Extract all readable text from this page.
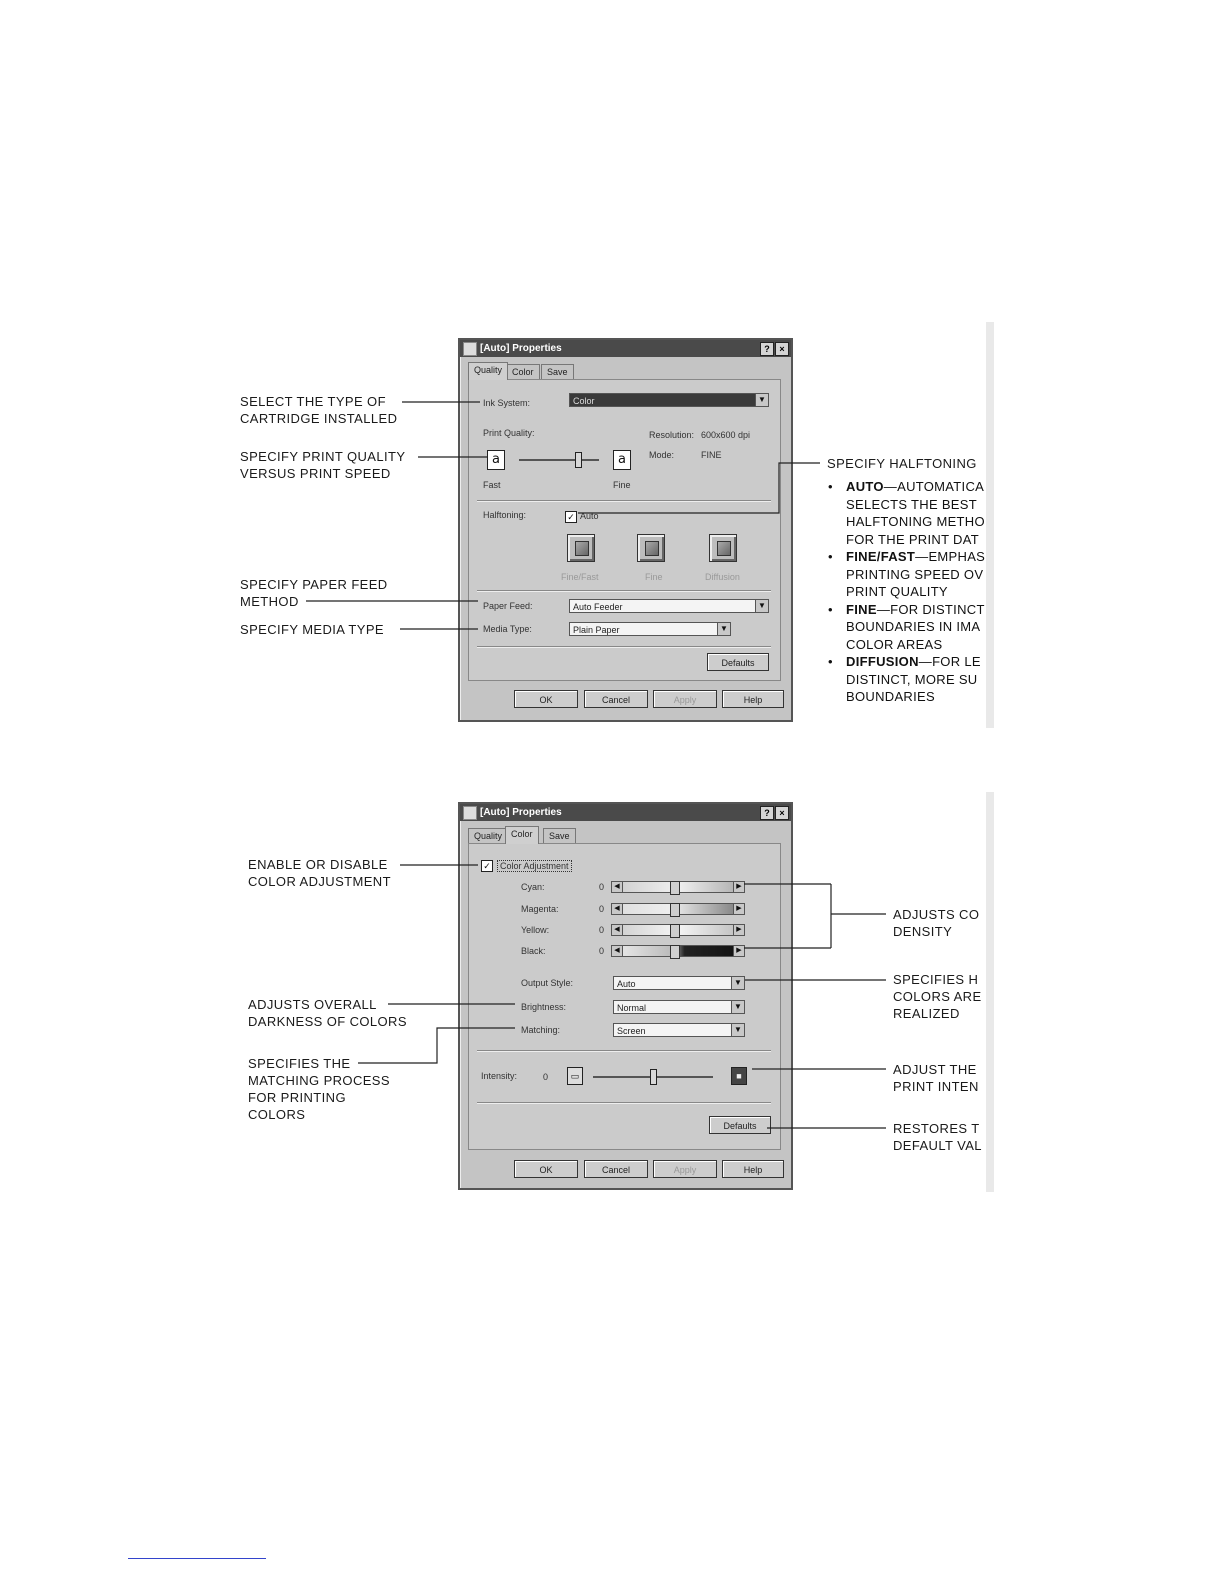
[Auto] Properties	?	×
Quality	Color	Save
Ink System:	Color	▼
Print Quality:	Resolution: 600x600 dpi
Mode:	FINE
a	a
Fast	Fine
Halftoning:	✓ Auto
Fine/Fast	Fine	Diffusion
Paper Feed:	Auto Feeder	▼
Media Type:	Plain Paper	▼
Defaults
OK	Cancel	Apply	Help
[Auto] Properties	?	×
Quality Color	Save
✓	Color Adjustment
Cyan:	0	◀	▶
Magenta:	0	◀	▶
Yellow:	0	◀	▶
Black:	0	◀	▶
Output Style:	Auto	▼
Brightness:	Normal	▼
Matching:	Screen	▼
Intensity:	0	▭	■
Defaults
OK	Cancel	Apply	Help
SELECT THE TYPE OF
CARTRIDGE INSTALLED
SPECIFY PRINT QUALITY
VERSUS PRINT SPEED
SPECIFY PAPER FEED
METHOD
SPECIFY MEDIA TYPE
SPECIFY HALFTONING
• AUTO—AUTOMATICA
SELECTS THE BEST
HALFTONING METHO
FOR THE PRINT DAT
• FINE/FAST—EMPHAS
PRINTING SPEED OV
PRINT QUALITY
• FINE—FOR DISTINCT
BOUNDARIES IN IMA
COLOR AREAS
• DIFFUSION—FOR LE
DISTINCT, MORE SU
BOUNDARIES
ENABLE OR DISABLE
COLOR ADJUSTMENT
ADJUSTS OVERALL
DARKNESS OF COLORS
SPECIFIES THE
MATCHING PROCESS
FOR PRINTING
COLORS
ADJUSTS CO
DENSITY
SPECIFIES H
COLORS ARE
REALIZED
ADJUST THE
PRINT INTEN
RESTORES T
DEFAULT VAL
